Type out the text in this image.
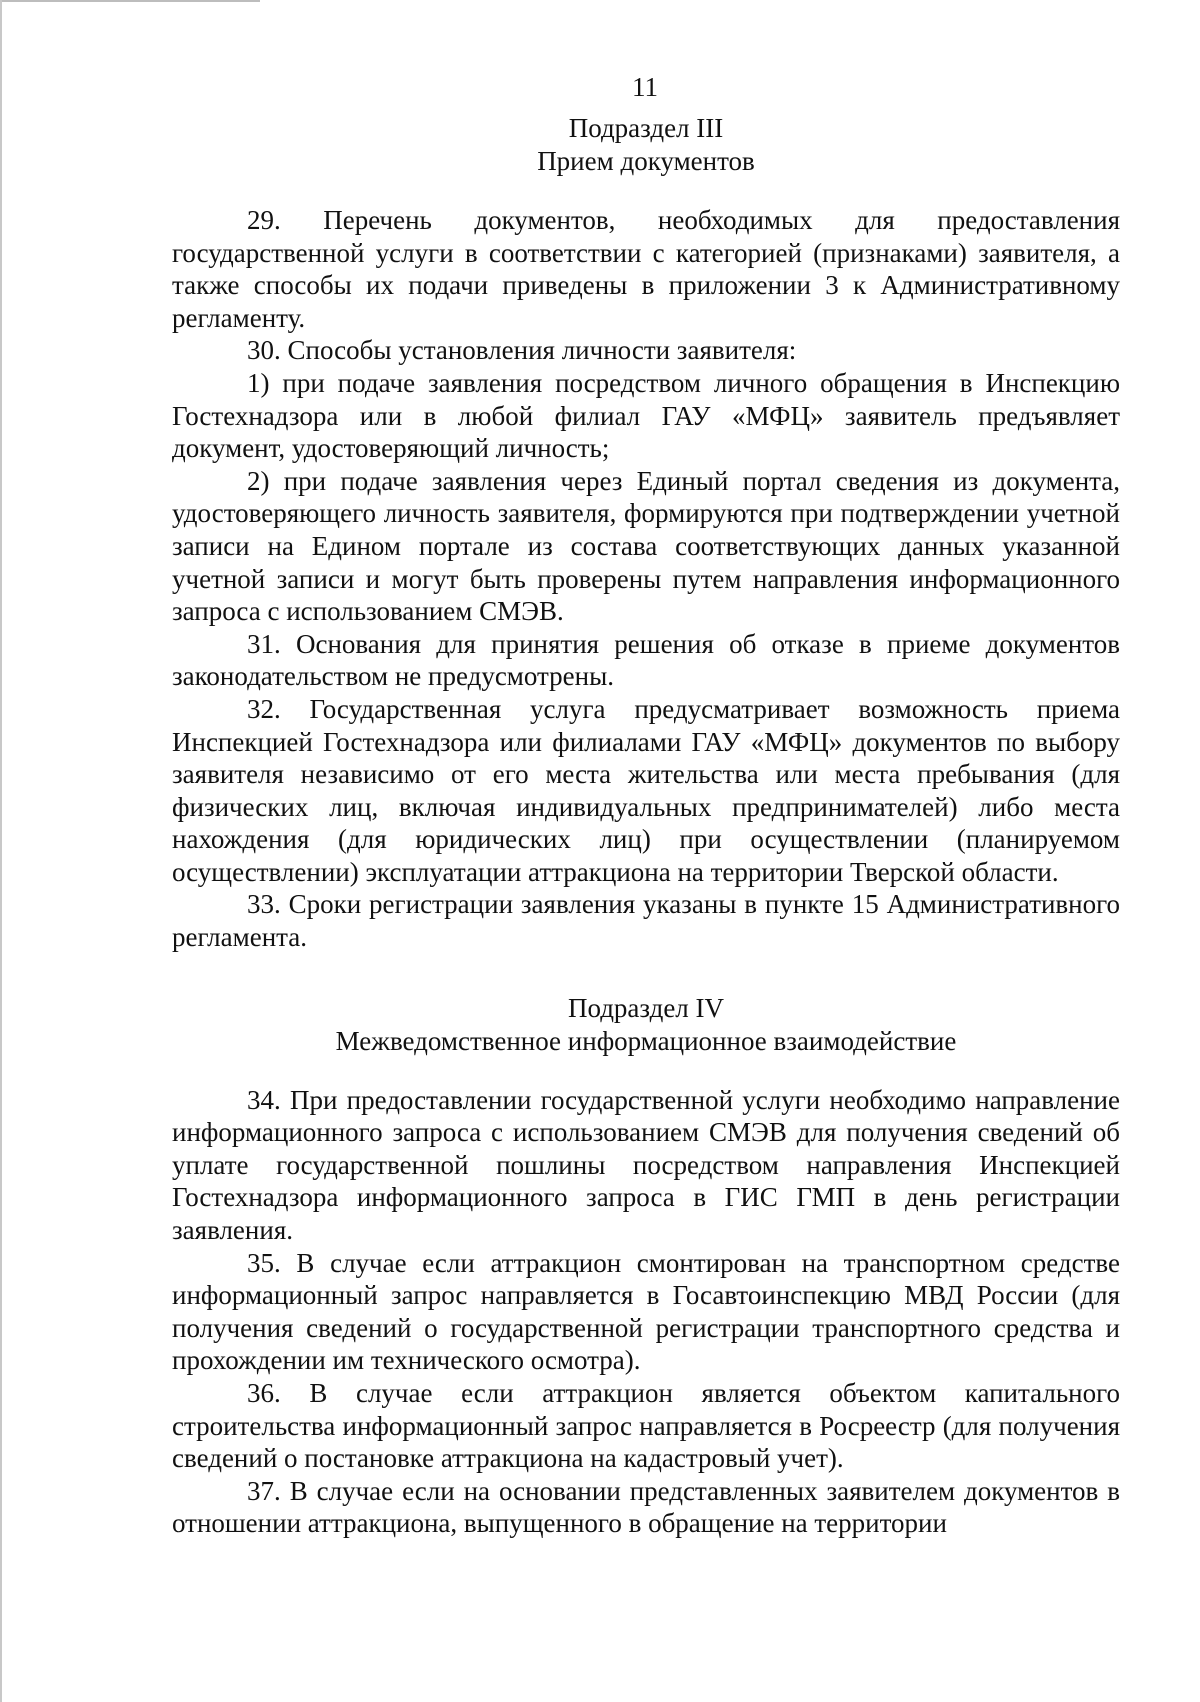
11
Подраздел III
Прием документов

29. Перечень документов, необходимых для предоставления государственной услуги в соответствии с категорией (признаками) заявителя, а также способы их подачи приведены в приложении 3 к Административному регламенту.

30. Способы установления личности заявителя:

1) при подаче заявления посредством личного обращения в Инспекцию Гостехнадзора или в любой филиал ГАУ «МФЦ» заявитель предъявляет документ, удостоверяющий личность;

2) при подаче заявления через Единый портал сведения из документа, удостоверяющего личность заявителя, формируются при подтверждении учетной записи на Едином портале из состава соответствующих данных указанной учетной записи и могут быть проверены путем направления информационного запроса с использованием СМЭВ.

31. Основания для принятия решения об отказе в приеме документов законодательством не предусмотрены.

32. Государственная услуга предусматривает возможность приема Инспекцией Гостехнадзора или филиалами ГАУ «МФЦ» документов по выбору заявителя независимо от его места жительства или места пребывания (для физических лиц, включая индивидуальных предпринимателей) либо места нахождения (для юридических лиц) при осуществлении (планируемом осуществлении) эксплуатации аттракциона на территории Тверской области.

33. Сроки регистрации заявления указаны в пункте 15 Административного регламента.

Подраздел IV
Межведомственное информационное взаимодействие

34. При предоставлении государственной услуги необходимо направление информационного запроса с использованием СМЭВ для получения сведений об уплате государственной пошлины посредством направления Инспекцией Гостехнадзора информационного запроса в ГИС ГМП в день регистрации заявления.

35. В случае если аттракцион смонтирован на транспортном средстве информационный запрос направляется в Госавтоинспекцию МВД России (для получения сведений о государственной регистрации транспортного средства и прохождении им технического осмотра).

36. В случае если аттракцион является объектом капитального строительства информационный запрос направляется в Росреестр (для получения сведений о постановке аттракциона на кадастровый учет).

37. В случае если на основании представленных заявителем документов в отношении аттракциона, выпущенного в обращение на территории
